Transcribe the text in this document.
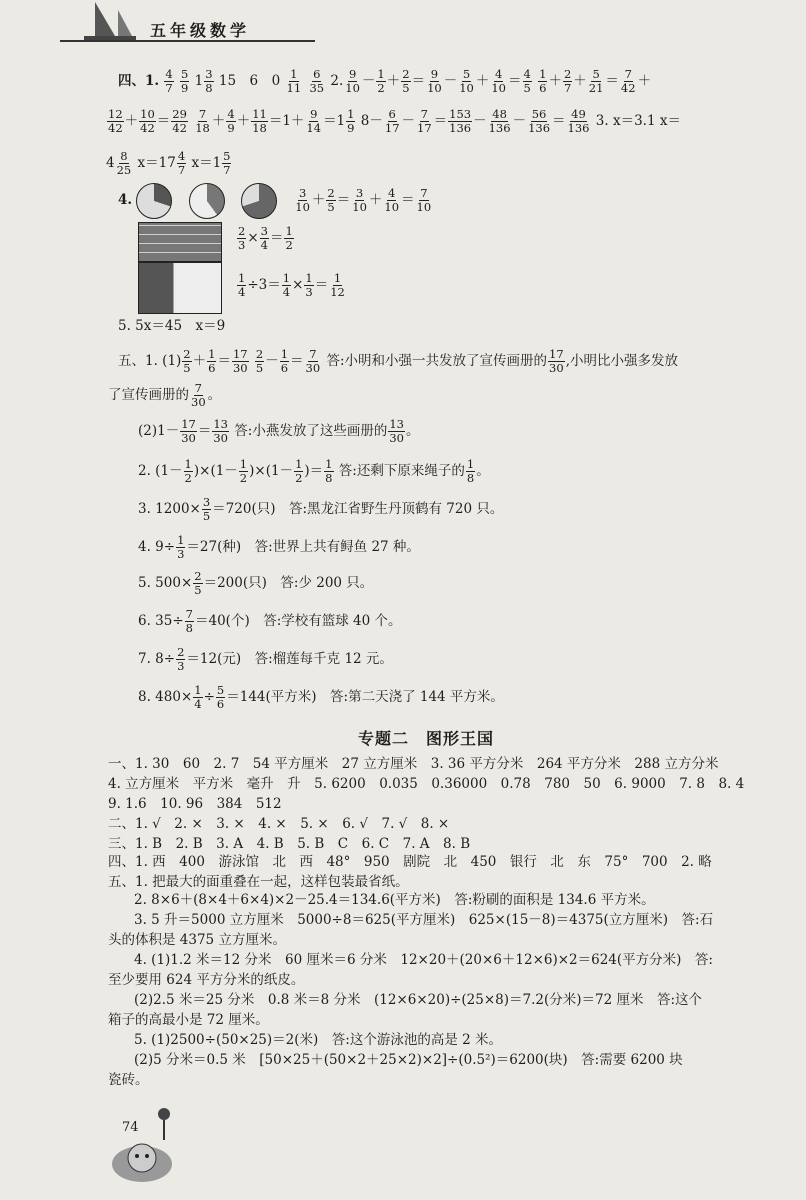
五年级数学
四、1. $\frac{4}{7}$
$\frac{5}{9} 1 \frac{3}{8} 15$　6　$0 \frac{1}{11}$
$\frac{6}{35} 2$. $\frac{9}{10} - \frac{1}{2} + \frac{2}{5} = \frac{9}{10} - \frac{5}{10} + \frac{4}{10} = \frac{4}{5}$
$\frac{1}{6} + \frac{2}{7} + \frac{5}{21} = \frac{7}{42}$ ＋
$\frac{12}{42} + \frac{10}{42} = \frac{29}{42}$
$\frac{7}{18} + \frac{4}{9} + \frac{11}{18} =1+ \frac{9}{14} =1 \frac{1}{9} 8- \frac{6}{17} - \frac{7}{17} = \frac{153}{136} - \frac{48}{136} - \frac{56}{136} = \frac{49}{136} 3$. x＝3.1 x＝
$4 \frac{8}{25} x=17 \frac{4}{7} x=1 \frac{5}{7}$
4.	$\frac{3}{10} + \frac{2}{5} = \frac{3}{10} + \frac{4}{10} = \frac{7}{10}$
$\frac{2}{3} \times \frac{3}{4} = \frac{1}{2}$
$\frac{1}{4} \div 3= \frac{1}{4} \times \frac{1}{3} = \frac{1}{12}$
5. 5x＝45　x＝9
五、1. $(1) \frac{2}{5} + \frac{1}{6} = \frac{17}{30}$
$\frac{2}{5} - \frac{1}{6} = \frac{7}{30}$ 答:小明和小强一共发放了宣传画册的 $\frac{17}{30}$ ,小明比小强多发放
了宣传画册的 $\frac{7}{30}$ 。
$(2)1- \frac{17}{30} = \frac{13}{30}$ 答:小燕发放了这些画册的 $\frac{13}{30}$ 。
2. $(1- \frac{1}{2} )\times(1- \frac{1}{2} )\times(1- \frac{1}{2}$ )＝ $\frac{1}{8}$ 答:还剩下原来绳子的 $\frac{1}{8}$ 。
3. $1200\times \frac{3}{5} =720$(只)　答:黑龙江省野生丹顶鹤有 720 只。
4. $9\div \frac{1}{3} =27$(种)　答:世界上共有鲟鱼 27 种。
5. $500\times \frac{2}{5} =200$(只)　答:少 200 只。
6. $35\div \frac{7}{8} =40$(个)　答:学校有篮球 40 个。
7. $8\div \frac{2}{3} =12$(元)　答:榴莲每千克 12 元。
8. $480\times \frac{1}{4} \div \frac{5}{6} =144$(平方米)　答:第二天浇了 144 平方米。
专题二　图形王国
一、1. 30　60　2. 7　54 平方厘米　27 立方厘米　3. 36 平方分米　264 平方分米　288 立方分米
4. 立方厘米　平方米　毫升　升　5. 6200　0.035　0.36000　0.78　780　50　6. 9000　7. 8　8. 4
9. 1.6　10. 96　384　512
二、1. √　2. ×　3. ×　4. ×　5. ×　6. √　7. √　8. ×
三、1. B　2. B　3. A　4. B　5. B　C　6. C　7. A　8. B
四、1. 西　400　游泳馆　北　西　48°　950　剧院　北　450　银行　北　东　75°　700　2. 略
五、1. 把最大的面重叠在一起，这样包装最省纸。
2. 8×6＋(8×4＋6×4)×2－25.4＝134.6(平方米)　答:粉刷的面积是 134.6 平方米。
3. 5 升＝5000 立方厘米　5000÷8＝625(平方厘米)　625×(15－8)＝4375(立方厘米)　答:石
头的体积是 4375 立方厘米。
4. (1)1.2 米＝12 分米　60 厘米＝6 分米　12×20＋(20×6＋12×6)×2＝624(平方分米)　答:
至少要用 624 平方分米的纸皮。
(2)2.5 米＝25 分米　0.8 米＝8 分米　(12×6×20)÷(25×8)＝7.2(分米)＝72 厘米　答:这个
箱子的高最小是 72 厘米。
5. (1)2500÷(50×25)＝2(米)　答:这个游泳池的高是 2 米。
(2)5 分米＝0.5 米　[50×25＋(50×2＋25×2)×2]÷(0.5²)＝6200(块)　答:需要 6200 块
瓷砖。
74
